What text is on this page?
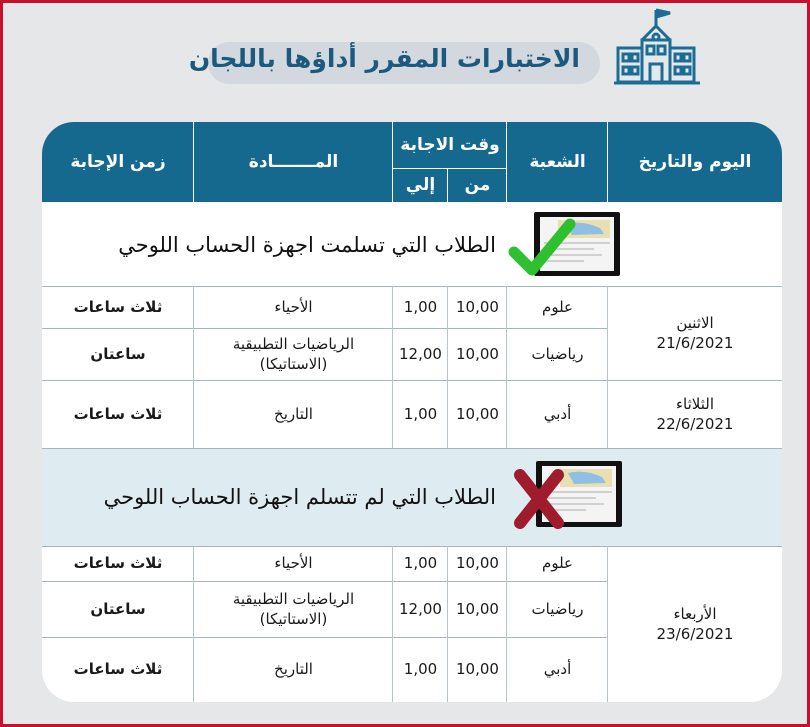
الاختبارات المقرر أداؤها باللجان
اليوم والتاريخ
الشعبة
وقت الاجابة
من
إلي
المـــــــادة
زمن الإجابة
الطلاب التي تسلمت اجهزة الحساب اللوحي
الاثنين
21/6/2021
علوم
10,00
1,00
الأحياء
ثلاث ساعات
رياضيات
10,00
12,00
الرياضيات التطبيقية (الاستاتيكا)
ساعتان
الثلاثاء
22/6/2021
أدبي
10,00
1,00
التاريخ
ثلاث ساعات
الطلاب التي لم تتسلم اجهزة الحساب اللوحي
الأربعاء
23/6/2021
علوم
10,00
1,00
الأحياء
ثلاث ساعات
رياضيات
10,00
12,00
الرياضيات التطبيقية (الاستاتيكا)
ساعتان
أدبي
10,00
1,00
التاريخ
ثلاث ساعات
